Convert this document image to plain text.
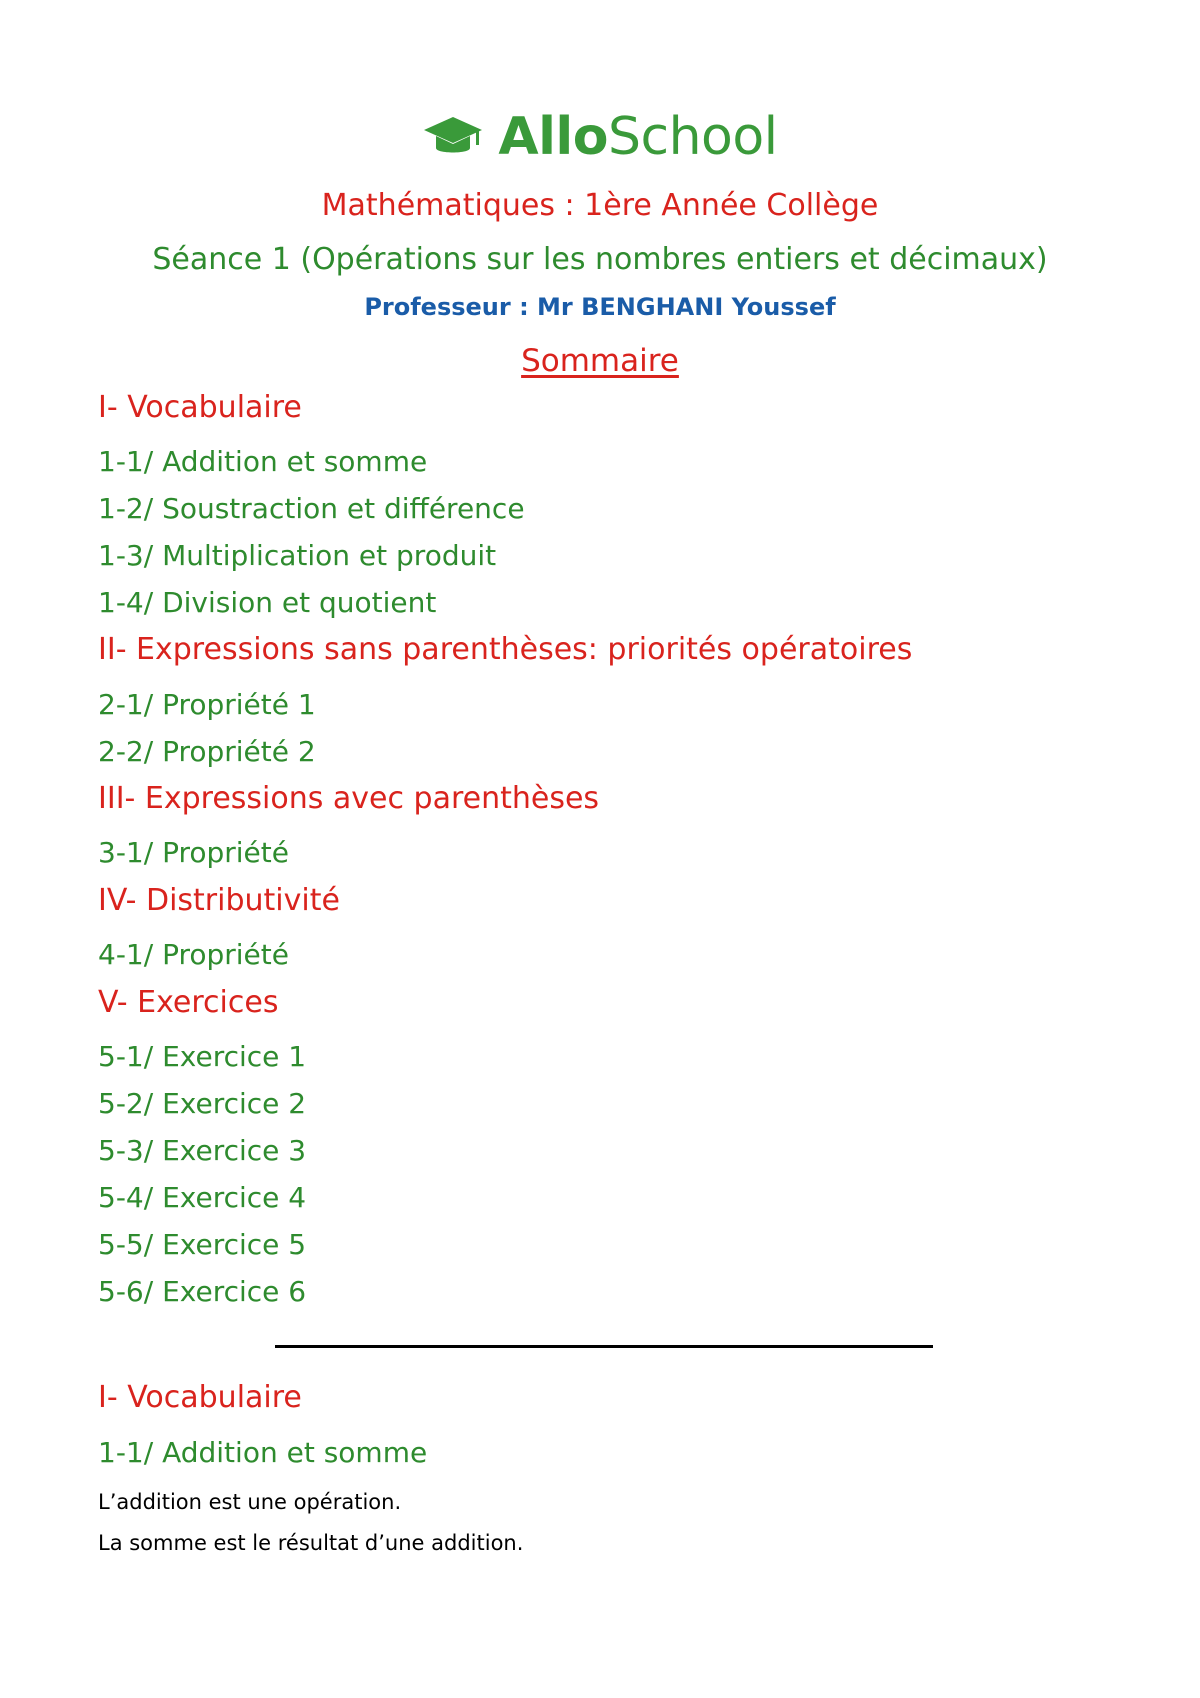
AlloSchool
Mathématiques : 1ère Année Collège
Séance 1 (Opérations sur les nombres entiers et décimaux)
Professeur : Mr BENGHANI Youssef
Sommaire
I- Vocabulaire
1-1/ Addition et somme
1-2/ Soustraction et différence
1-3/ Multiplication et produit
1-4/ Division et quotient
II- Expressions sans parenthèses: priorités opératoires
2-1/ Propriété 1
2-2/ Propriété 2
III- Expressions avec parenthèses
3-1/ Propriété
IV- Distributivité
4-1/ Propriété
V- Exercices
5-1/ Exercice 1
5-2/ Exercice 2
5-3/ Exercice 3
5-4/ Exercice 4
5-5/ Exercice 5
5-6/ Exercice 6
I- Vocabulaire
1-1/ Addition et somme
L’addition est une opération.
La somme est le résultat d’une addition.
